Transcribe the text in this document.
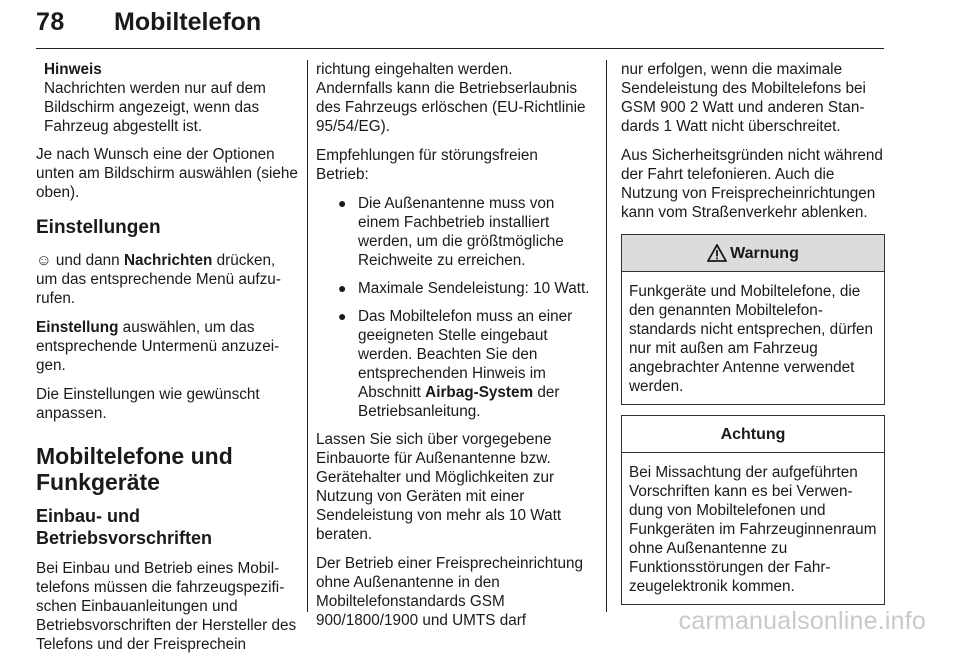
78 Mobiltelefon
Hinweis
Nachrichten werden nur auf dem Bildschirm angezeigt, wenn das Fahrzeug abgestellt ist.

Je nach Wunsch eine der Optionen unten am Bildschirm auswählen (siehe oben).

Einstellungen

☺ und dann Nachrichten drücken, um das entsprechende Menü aufzurufen.

Einstellung auswählen, um das entsprechende Untermenü anzuzeigen.

Die Einstellungen wie gewünscht anpassen.

Mobiltelefone und
Funkgeräte
Einbau- und Betriebsvorschriften

Bei Einbau und Betrieb eines Mobiltelefons müssen die fahrzeugspezifischen Einbauanleitungen und Betriebsvorschriften der Hersteller des Telefons und der Freisprechein

richtung eingehalten werden. Andernfalls kann die Betriebserlaubnis des Fahrzeugs erlöschen (EU-Richtlinie 95/54/EG).

Empfehlungen für störungsfreien Betrieb:

● Die Außenantenne muss von einem Fachbetrieb installiert werden, um die größtmögliche Reichweite zu erreichen.
● Maximale Sendeleistung: 10 Watt.
● Das Mobiltelefon muss an einer geeigneten Stelle eingebaut werden. Beachten Sie den entsprechenden Hinweis im Abschnitt Airbag-System der Betriebsanleitung.

Lassen Sie sich über vorgegebene Einbauorte für Außenantenne bzw. Gerätehalter und Möglichkeiten zur Nutzung von Geräten mit einer Sendeleistung von mehr als 10 Watt beraten.

Der Betrieb einer Freisprecheinrichtung ohne Außenantenne in den Mobiltelefonstandards GSM 900/1800/1900 und UMTS darf

nur erfolgen, wenn die maximale Sendeleistung des Mobiltelefons bei GSM 900 2 Watt und anderen Standards 1 Watt nicht überschreitet.

Aus Sicherheitsgründen nicht während der Fahrt telefonieren. Auch die Nutzung von Freisprecheinrichtungen kann vom Straßenverkehr ablenken.

Warnung
Funkgeräte und Mobiltelefone, die den genannten Mobiltelefonstandards nicht entsprechen, dürfen nur mit außen am Fahrzeug angebrachter Antenne verwendet werden.
Achtung
Bei Missachtung der aufgeführten Vorschriften kann es bei Verwendung von Mobiltelefonen und Funkgeräten im Fahrzeuginnenraum ohne Außenantenne zu Funktionsstörungen der Fahrzeugelektronik kommen.
carmanualsonline.info
